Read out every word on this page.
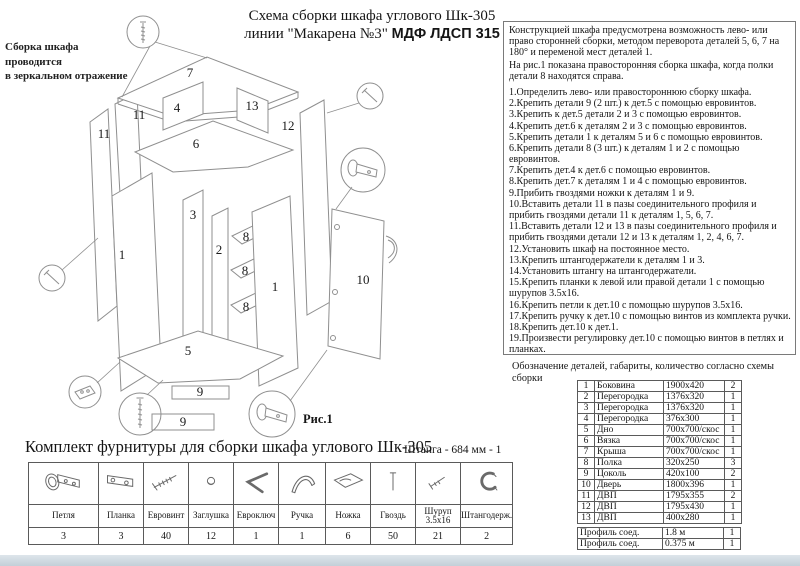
Схема сборки шкафа углового Шк-305
линии "Макарена №3" МДФ ЛДСП 315
Сборка шкафа проводится
в зеркальном отражение	7
4	13
11
11
12
6
3
1	2
8
8
8
1
5
9
9
10
Рис.1

Конструкцией шкафа предусмотрена возможность лево- или право сторонней сборки, методом переворота деталей 5, 6, 7 на 180° и переменой мест деталей 1.

На рис.1 показана правосторонняя сборка шкафа, когда полки детали 8 находятся справа.

1.Определить лево- или правостороннюю сборку шкафа.
2.Крепить детали 9 (2 шт.) к дет.5 с помощью евровинтов.
3.Крепить к дет.5 детали 2 и 3 с помощью евровинтов.
4.Крепить дет.6 к деталям 2 и 3 с помощью евровинтов.
5.Крепить детали 1 к деталям 5 и 6 с помощью евровинтов.
6.Крепить детали 8 (3 шт.) к деталям 1 и 2 с помощью евровинтов.
7.Крепить дет.4 к дет.6 с помощью евровинтов.
8.Крепить дет.7 к деталям 1 и 4 с помощью евровинтов.
9.Прибить гвоздями ножки к деталям 1 и 9.
10.Вставить детали 11 в пазы соединительного профиля и прибить гвоздями детали 11 к деталям 1, 5, 6, 7.
11.Вставить детали 12 и 13 в пазы соединительного профиля и прибить гвоздями детали 12 и 13 к деталям 1, 2, 4, 6, 7.
12.Установить шкаф на постоянное место.
13.Крепить штангодержатели к деталям 1 и 3.
14.Установить штангу на штангодержатели.
15.Крепить планки к левой или правой детали 1 с помощью шурупов 3.5x16.
16.Крепить петли к дет.10 с помощью шурупов 3.5x16.
17.Крепить ручку к дет.10 с помощью винтов из комплекта ручки.
18.Крепить дет.10 к дет.1.
19.Произвести регулировку дет.10 с помощью винтов в петлях и планках.
Обозначение деталей, габариты, количество согласно схемы сборки
1	Боковина	1900x420	2
2	Перегородка	1376x320	1
3	Перегородка	1376x320	1
4	Перегородка	376x300	1
5	Дно	700x700/скос	1
6	Вязка	700x700/скос	1
7	Крыша	700x700/скос	1
8	Полка	320x250	3
9	Цоколь	420x100	2
10	Дверь	1800x396	1
11	ДВП	1795x355	2
12	ДВП	1795x430	1
13	ДВП	400x280	1
Профиль соед.	1.8 м	1
Профиль соед.	0.375 м	1
Комплект фурнитуры для сборки шкафа углового Шк-305
Штанга - 684 мм - 1

Петля	Планка	Евровинт	Заглушка	Евроключ	Ручка	Ножка	Гвоздь	Шуруп 3.5x16	Штангодерж.
3	3	40	12	1	1	6	50	21	2
